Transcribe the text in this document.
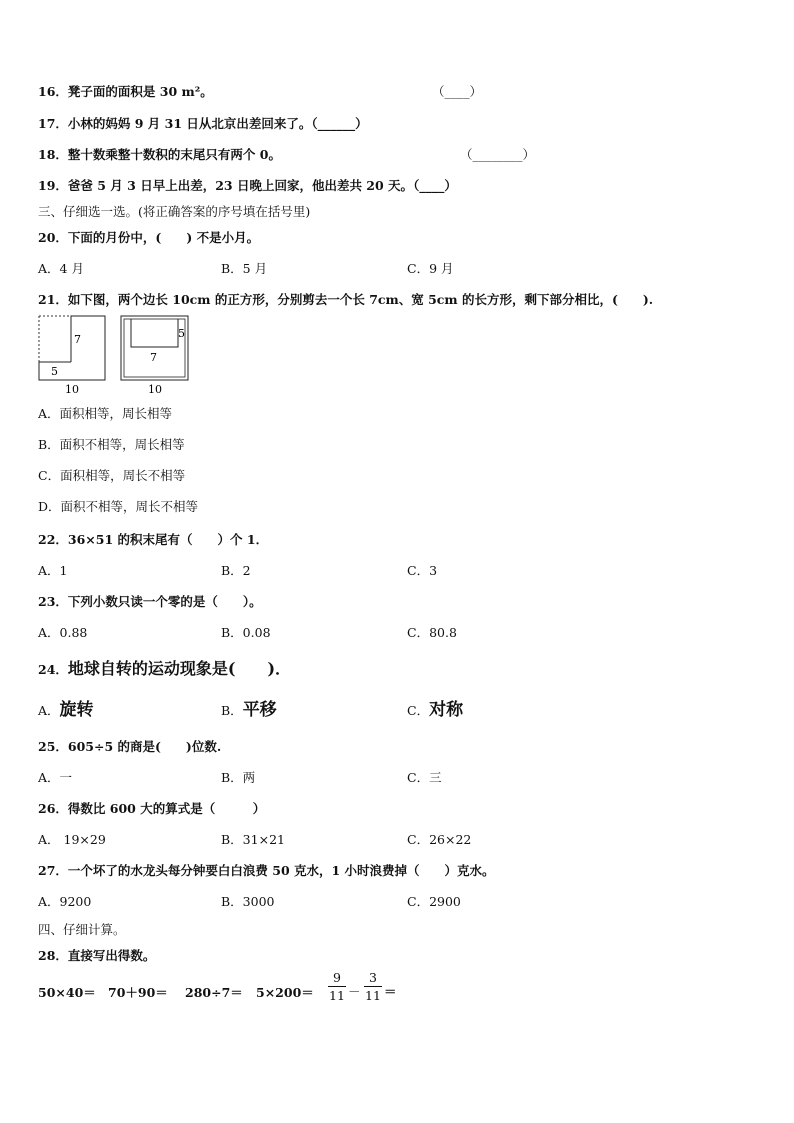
16．凳子面的面积是 30 m²。	（____）
17．小林的妈妈 9 月 31 日从北京出差回来了。（______）
18．整十数乘整十数积的末尾只有两个 0。	（________）
19．爸爸 5 月 3 日早上出差，23 日晚上回家，他出差共 20 天。（____）
三、仔细选一选。(将正确答案的序号填在括号里)
20．下面的月份中，(　　) 不是小月。
A．4 月	B．5 月	C．9 月
21．如下图，两个边长 10cm 的正方形，分别剪去一个长 7cm、宽 5cm 的长方形，剩下部分相比，(　　).
7
5
10
5
7
10
A．面积相等，周长相等
B．面积不相等，周长相等
C．面积相等，周长不相等
D．面积不相等，周长不相等
22．36×51 的积末尾有（　　）个 1．
A．1	B．2	C．3
23．下列小数只读一个零的是（　　）。
A．0.88	B．0.08	C．80.8
24．地球自转的运动现象是(　　)．
A．旋转	B．平移	C．对称
25．605÷5 的商是(　　)位数.
A．一	B．两	C．三
26．得数比 600 大的算式是（　　　）
A． 19×29	B．31×21	C．26×22
27．一个坏了的水龙头每分钟要白白浪费 50 克水，1 小时浪费掉（　　）克水。
A．9200	B．3000	C．2900
四、仔细计算。
28．直接写出得数。
50×40＝ 70＋90＝ 280÷7＝ 5×200＝
9
11 －
3
11 ＝
